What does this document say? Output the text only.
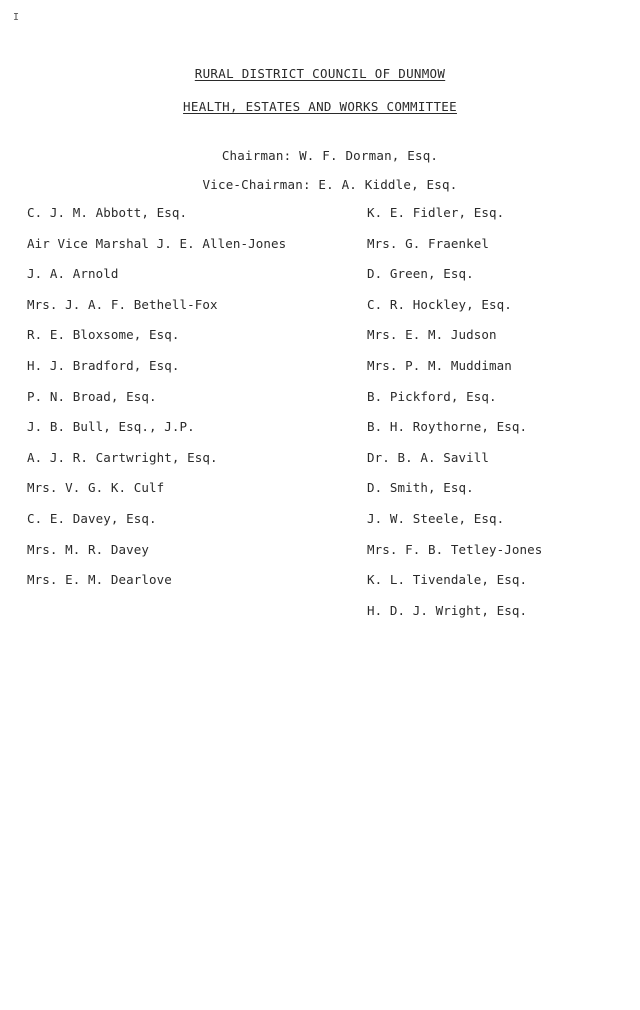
I
RURAL DISTRICT COUNCIL OF DUNMOW
HEALTH, ESTATES AND WORKS COMMITTEE
Chairman: W. F. Dorman, Esq.
Vice-Chairman: E. A. Kiddle, Esq.
C. J. M. Abbott, Esq.
Air Vice Marshal J. E. Allen-Jones
J. A. Arnold
Mrs. J. A. F. Bethell-Fox
R. E. Bloxsome, Esq.
H. J. Bradford, Esq.
P. N. Broad, Esq.
J. B. Bull, Esq., J.P.
A. J. R. Cartwright, Esq.
Mrs. V. G. K. Culf
C. E. Davey, Esq.
Mrs. M. R. Davey
Mrs. E. M. Dearlove
K. E. Fidler, Esq.
Mrs. G. Fraenkel
D. Green, Esq.
C. R. Hockley, Esq.
Mrs. E. M. Judson
Mrs. P. M. Muddiman
B. Pickford, Esq.
B. H. Roythorne, Esq.
Dr. B. A. Savill
D. Smith, Esq.
J. W. Steele, Esq.
Mrs. F. B. Tetley-Jones
K. L. Tivendale, Esq.
H. D. J. Wright, Esq.
